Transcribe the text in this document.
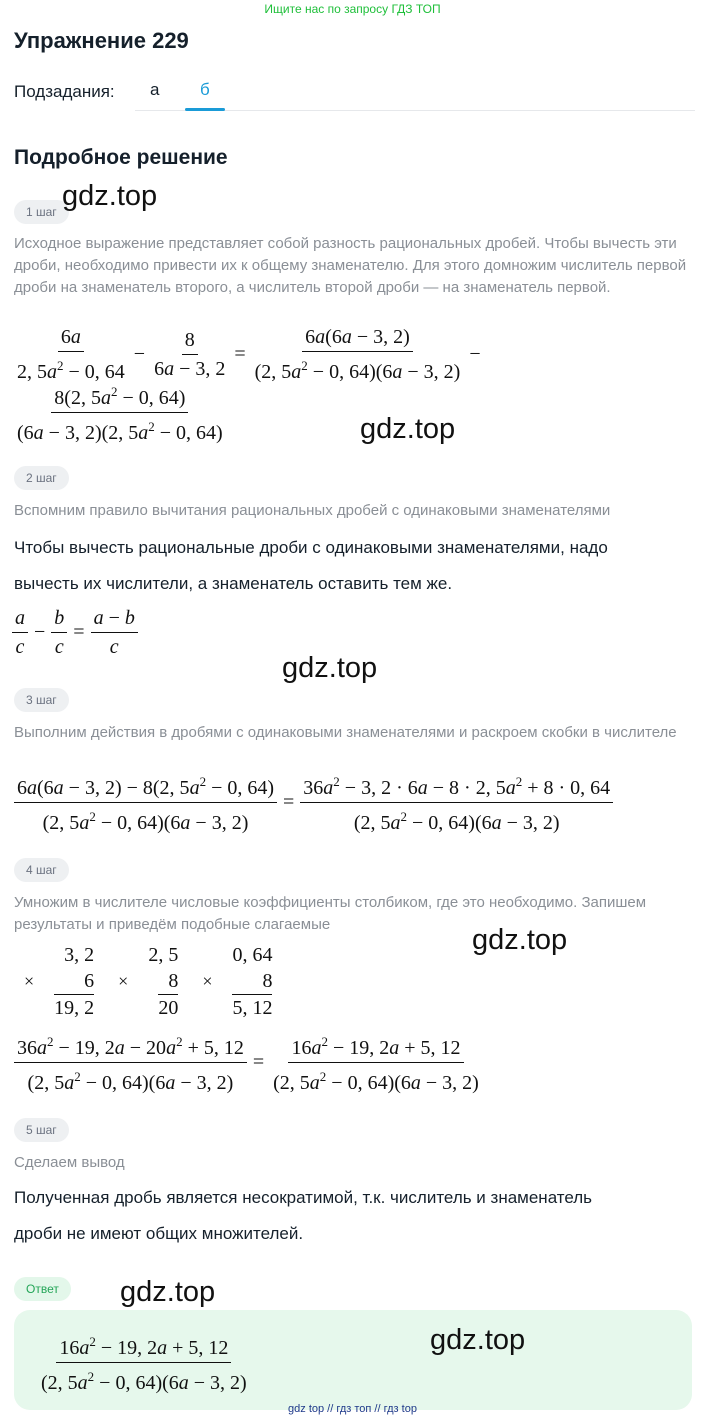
Ищите нас по запросу ГДЗ ТОП
Упражнение 229
Подзадания: а б
Подробное решение
1 шаг gdz.top
Исходное выражение представляет собой разность рациональных дробей. Чтобы вычесть эти дроби, необходимо привести их к общему знаменателю. Для этого домножим числитель первой дроби на знаменатель второго, а числитель второй дроби — на знаменатель первой.
$\frac{6a}{2, 5a^2 - 0, 64} - \frac{8}{6a - 3, 2} = \frac{6a(6a - 3, 2)}{(2, 5a^2 - 0, 64)(6a - 3, 2)}$ −
$\frac{8(2, 5a^2 - 0, 64)}{(6a - 3, 2)(2, 5a^2 - 0, 64)}$	gdz.top
2 шаг
Вспомним правило вычитания рациональных дробей с одинаковыми знаменателями
Чтобы вычесть рациональные дроби с одинаковыми знаменателями, надо
вычесть их числители, а знаменатель оставить тем же.
$\frac{a}{c} - \frac{b}{c} = \frac{a - b}{c}$
gdz.top
3 шаг
Выполним действия в дробями с одинаковыми знаменателями и раскроем скобки в числителе
$\frac{6a(6a - 3, 2) - 8(2, 5a^2 - 0, 64)}{(2, 5a^2 - 0, 64)(6a - 3, 2)} = \frac{36a^2 - 3, 2 \cdot 6a - 8 \cdot 2, 5a^2 + 8 \cdot 0, 64}{(2, 5a^2 - 0, 64)(6a - 3, 2)}$
4 шаг
Умножим в числителе числовые коэффициенты столбиком, где это необходимо. Запишем результаты и приведём подобные слагаемые	gdz.top
×
3, 2
6
19, 2
×
2, 5
8
20
×
0, 64
8
5, 12
$\frac{36a^2 - 19, 2a - 20a^2 + 5, 12}{(2, 5a^2 - 0, 64)(6a - 3, 2)} = \frac{16a^2 - 19, 2a + 5, 12}{(2, 5a^2 - 0, 64)(6a - 3, 2)}$
5 шаг
Сделаем вывод
Полученная дробь является несократимой, т.к. числитель и знаменатель
дроби не имеют общих множителей.
Ответ	gdz.top
$\frac{16a^2 - 19, 2a + 5, 12}{(2, 5a^2 - 0, 64)(6a - 3, 2)}$	gdz.top
gdz top // гдз топ // гдз top
